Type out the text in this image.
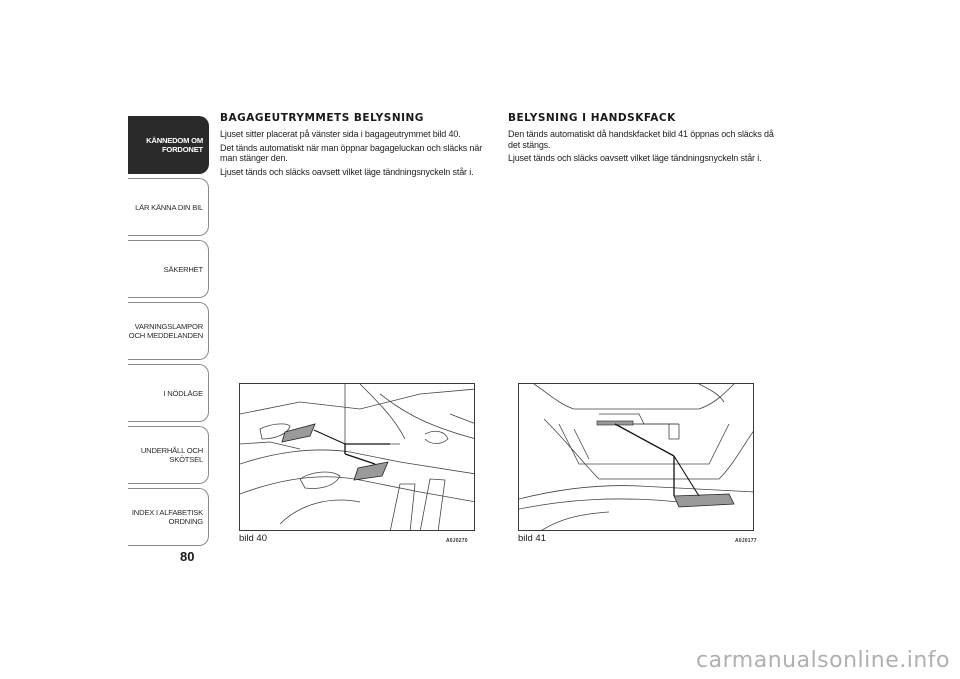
KÄNNEDOM OM
FORDONET
LÄR KÄNNA DIN BIL
SÄKERHET
VARNINGSLAMPOR
OCH MEDDELANDEN
I NÖDLÄGE
UNDERHÅLL OCH
SKÖTSEL
INDEX I ALFABETISK
ORDNING
80
BAGAGEUTRYMMETS BELYSNING

Ljuset sitter placerat på vänster sida i bagageutrymmet bild 40.

Det tänds automatiskt när man öppnar bagageluckan och släcks när man stänger den.

Ljuset tänds och släcks oavsett vilket läge tändningsnyckeln står i.

BELYSNING I HANDSKFACK

Den tänds automatiskt då handskfacket bild 41 öppnas och släcks då det stängs.

Ljuset tänds och släcks oavsett vilket läge tändningsnyckeln står i.

bild 40	A0J0270	bild 41	A0J0177
carmanualsonline.info
